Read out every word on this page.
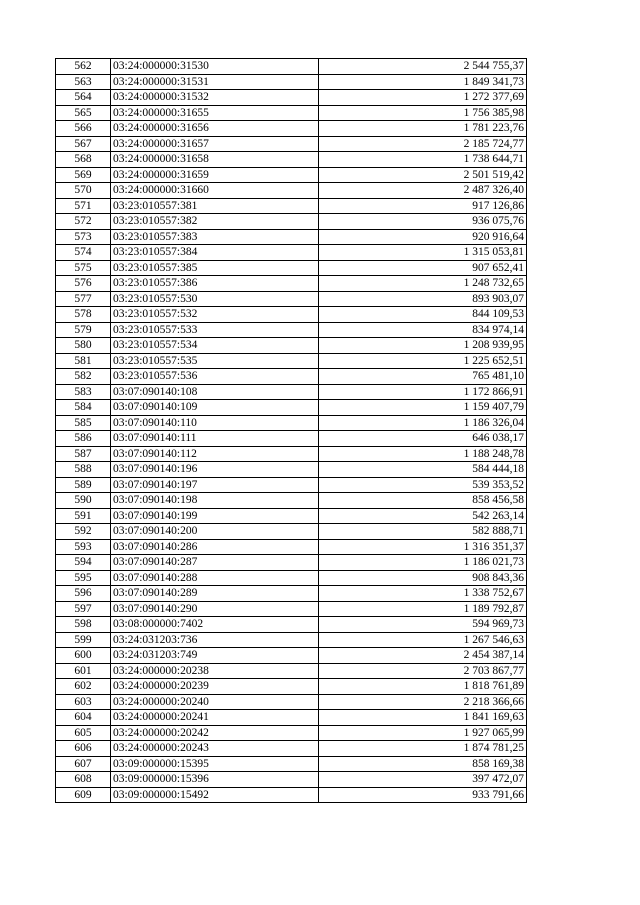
562	03:24:000000:31530	2 544 755,37
563	03:24:000000:31531	1 849 341,73
564	03:24:000000:31532	1 272 377,69
565	03:24:000000:31655	1 756 385,98
566	03:24:000000:31656	1 781 223,76
567	03:24:000000:31657	2 185 724,77
568	03:24:000000:31658	1 738 644,71
569	03:24:000000:31659	2 501 519,42
570	03:24:000000:31660	2 487 326,40
571	03:23:010557:381	917 126,86
572	03:23:010557:382	936 075,76
573	03:23:010557:383	920 916,64
574	03:23:010557:384	1 315 053,81
575	03:23:010557:385	907 652,41
576	03:23:010557:386	1 248 732,65
577	03:23:010557:530	893 903,07
578	03:23:010557:532	844 109,53
579	03:23:010557:533	834 974,14
580	03:23:010557:534	1 208 939,95
581	03:23:010557:535	1 225 652,51
582	03:23:010557:536	765 481,10
583	03:07:090140:108	1 172 866,91
584	03:07:090140:109	1 159 407,79
585	03:07:090140:110	1 186 326,04
586	03:07:090140:111	646 038,17
587	03:07:090140:112	1 188 248,78
588	03:07:090140:196	584 444,18
589	03:07:090140:197	539 353,52
590	03:07:090140:198	858 456,58
591	03:07:090140:199	542 263,14
592	03:07:090140:200	582 888,71
593	03:07:090140:286	1 316 351,37
594	03:07:090140:287	1 186 021,73
595	03:07:090140:288	908 843,36
596	03:07:090140:289	1 338 752,67
597	03:07:090140:290	1 189 792,87
598	03:08:000000:7402	594 969,73
599	03:24:031203:736	1 267 546,63
600	03:24:031203:749	2 454 387,14
601	03:24:000000:20238	2 703 867,77
602	03:24:000000:20239	1 818 761,89
603	03:24:000000:20240	2 218 366,66
604	03:24:000000:20241	1 841 169,63
605	03:24:000000:20242	1 927 065,99
606	03:24:000000:20243	1 874 781,25
607	03:09:000000:15395	858 169,38
608	03:09:000000:15396	397 472,07
609	03:09:000000:15492	933 791,66
